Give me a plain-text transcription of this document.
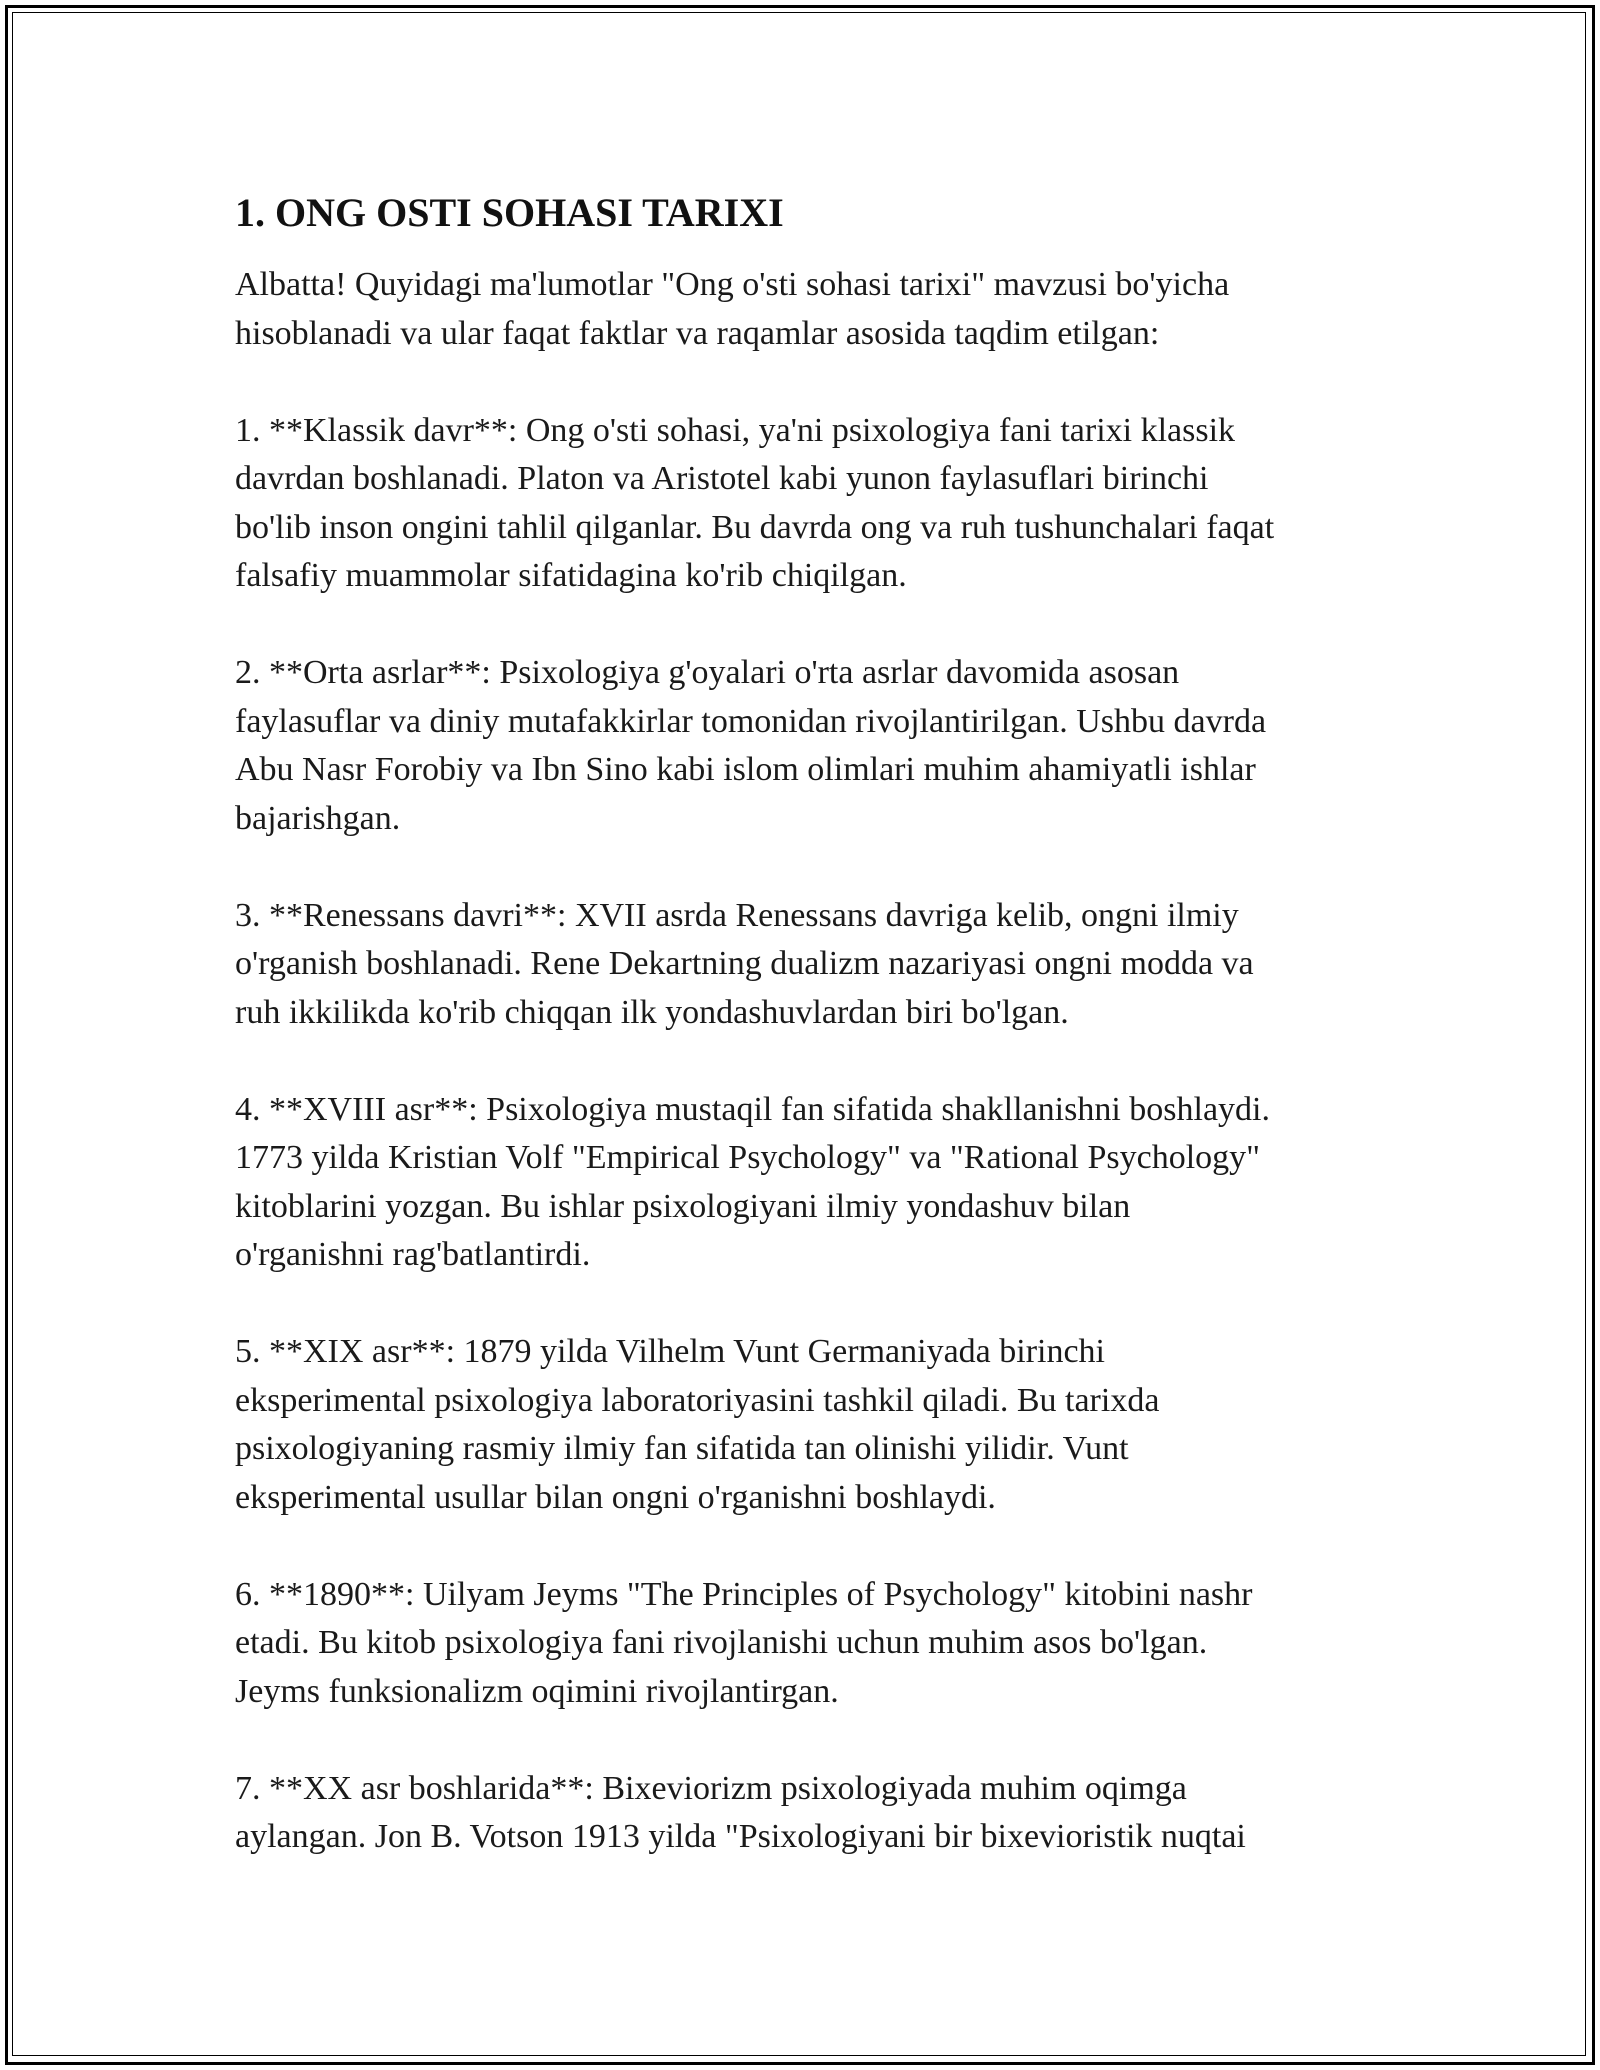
1. ONG OSTI SOHASI TARIXI

Albatta! Quyidagi ma'lumotlar "Ong o'sti sohasi tarixi" mavzusi bo'yicha
hisoblanadi va ular faqat faktlar va raqamlar asosida taqdim etilgan:

1. **Klassik davr**: Ong o'sti sohasi, ya'ni psixologiya fani tarixi klassik
davrdan boshlanadi. Platon va Aristotel kabi yunon faylasuflari birinchi
bo'lib inson ongini tahlil qilganlar. Bu davrda ong va ruh tushunchalari faqat
falsafiy muammolar sifatidagina ko'rib chiqilgan.

2. **Orta asrlar**: Psixologiya g'oyalari o'rta asrlar davomida asosan
faylasuflar va diniy mutafakkirlar tomonidan rivojlantirilgan. Ushbu davrda
Abu Nasr Forobiy va Ibn Sino kabi islom olimlari muhim ahamiyatli ishlar
bajarishgan.

3. **Renessans davri**: XVII asrda Renessans davriga kelib, ongni ilmiy
o'rganish boshlanadi. Rene Dekartning dualizm nazariyasi ongni modda va
ruh ikkilikda ko'rib chiqqan ilk yondashuvlardan biri bo'lgan.

4. **XVIII asr**: Psixologiya mustaqil fan sifatida shakllanishni boshlaydi.
1773 yilda Kristian Volf "Empirical Psychology" va "Rational Psychology"
kitoblarini yozgan. Bu ishlar psixologiyani ilmiy yondashuv bilan
o'rganishni rag'batlantirdi.

5. **XIX asr**: 1879 yilda Vilhelm Vunt Germaniyada birinchi
eksperimental psixologiya laboratoriyasini tashkil qiladi. Bu tarixda
psixologiyaning rasmiy ilmiy fan sifatida tan olinishi yilidir. Vunt
eksperimental usullar bilan ongni o'rganishni boshlaydi.

6. **1890**: Uilyam Jeyms "The Principles of Psychology" kitobini nashr
etadi. Bu kitob psixologiya fani rivojlanishi uchun muhim asos bo'lgan.
Jeyms funksionalizm oqimini rivojlantirgan.

7. **XX asr boshlarida**: Bixeviorizm psixologiyada muhim oqimga
aylangan. Jon B. Votson 1913 yilda "Psixologiyani bir bixevioristik nuqtai
